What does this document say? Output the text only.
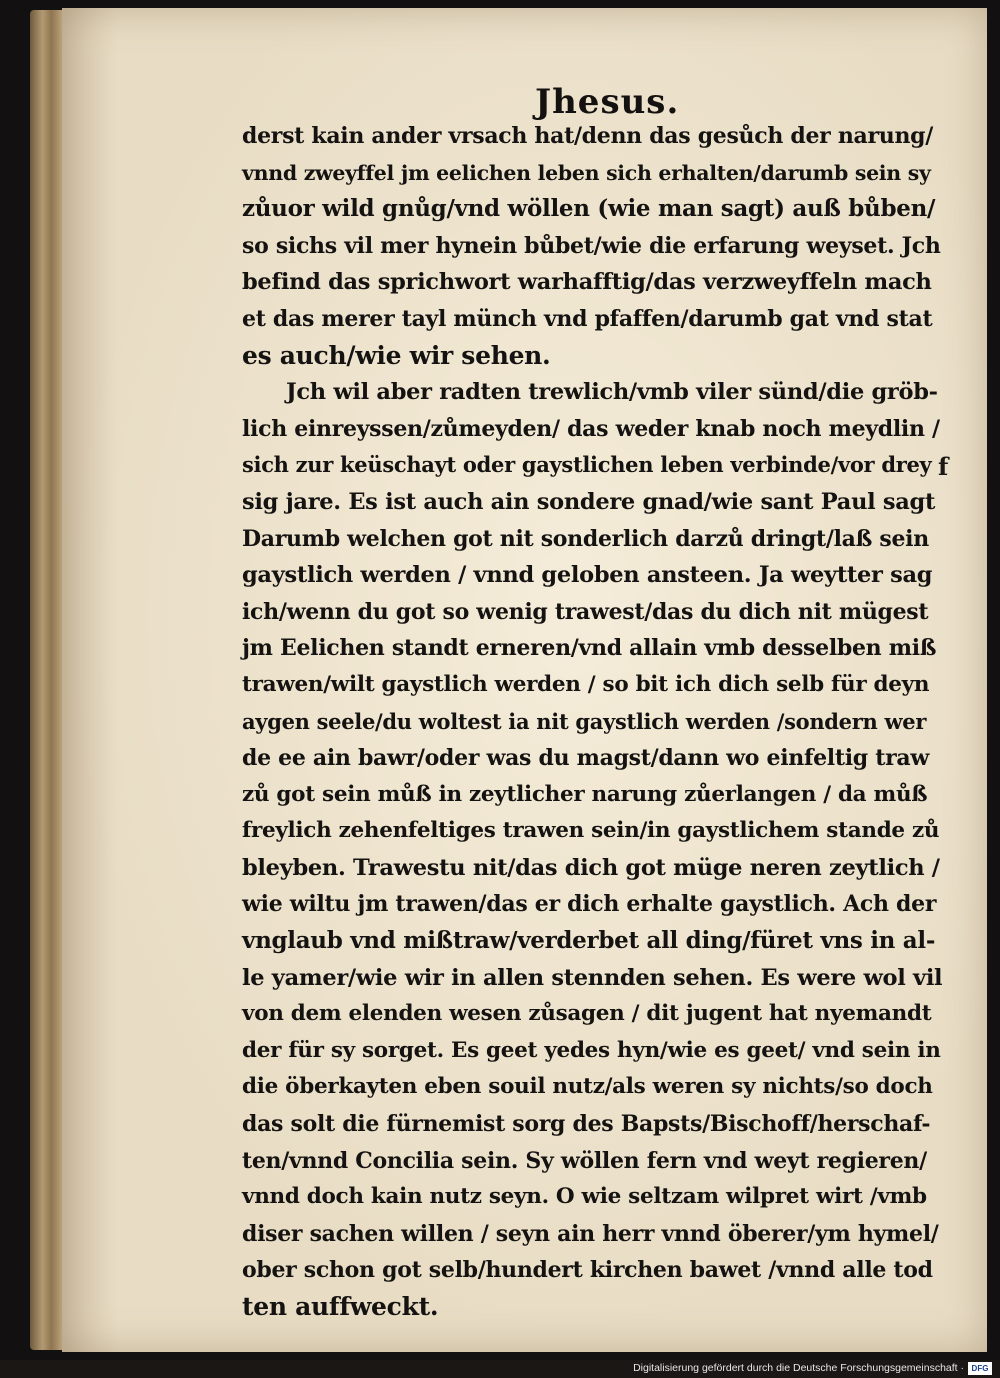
Jhesus.
derst kain ander vrsach hat/denn das gesůch der narung/
vnnd zweyffel jm eelichen leben sich erhalten/darumb sein sy
zůuor wild gnůg/vnd wöllen (wie man sagt) auß bůben/
so sichs vil mer hynein bůbet/wie die erfarung weyset. Jch
befind das sprichwort warhafftig/das verzweyffeln mach
et das merer tayl münch vnd pfaffen/darumb gat vnd stat
es auch/wie wir sehen.
Jch wil aber radten trewlich/vmb viler sünd/die gröb-
lich einreyssen/zůmeyden/ das weder knab noch meydlin /
sich zur keüschayt oder gaystlichen leben verbinde/vor drey
sig jare. Es ist auch ain sondere gnad/wie sant Paul sagt
Darumb welchen got nit sonderlich darzů dringt/laß sein
gaystlich werden / vnnd geloben ansteen. Ja weytter sag
ich/wenn du got so wenig trawest/das du dich nit mügest
jm Eelichen standt erneren/vnd allain vmb desselben miß
trawen/wilt gaystlich werden / so bit ich dich selb für deyn
aygen seele/du woltest ia nit gaystlich werden /sondern wer
de ee ain bawr/oder was du magst/dann wo einfeltig traw
zů got sein můß in zeytlicher narung zůerlangen / da můß
freylich zehenfeltiges trawen sein/in gaystlichem stande zů
bleyben. Trawestu nit/das dich got müge neren zeytlich /
wie wiltu jm trawen/das er dich erhalte gaystlich. Ach der
vnglaub vnd mißtraw/verderbet all ding/füret vns in al-
le yamer/wie wir in allen stennden sehen. Es were wol vil
von dem elenden wesen zůsagen / dit jugent hat nyemandt
der für sy sorget. Es geet yedes hyn/wie es geet/ vnd sein in
die öberkayten eben souil nutz/als weren sy nichts/so doch
das solt die fürnemist sorg des Bapsts/Bischoff/herschaf-
ten/vnnd Concilia sein. Sy wöllen fern vnd weyt regieren/
vnnd doch kain nutz seyn. O wie seltzam wilpret wirt /vmb
diser sachen willen / seyn ain herr vnnd öberer/ym hymel/
ober schon got selb/hundert kirchen bawet /vnnd alle tod
ten auffweckt.
f
Digitalisierung gefördert durch die Deutsche Forschungsgemeinschaft · DFG
